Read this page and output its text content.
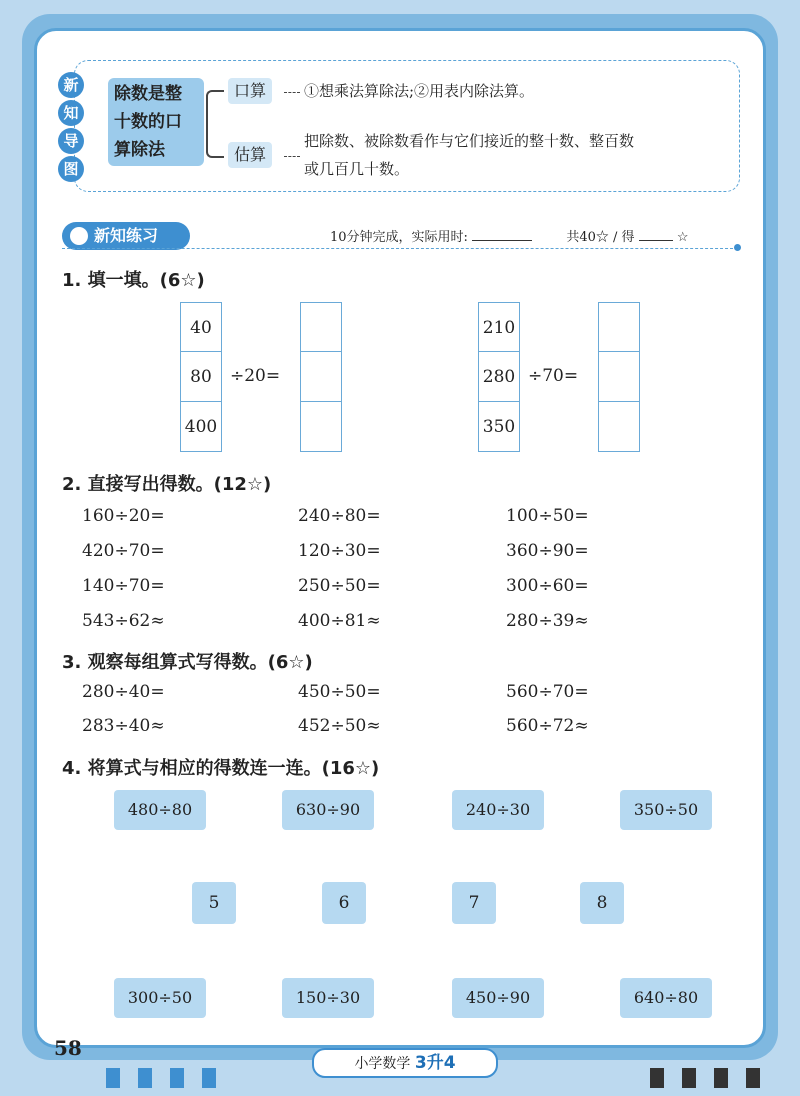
新
知
导
图
除数是整十数的口算除法
口算	①想乘法算除法;②用表内除法算。
估算
把除数、被除数看作与它们接近的整十数、整百数
或几百几十数。
新知练习	10分钟完成，实际用时:	共40☆ / 得	☆
1. 填一填。(6☆)
40
80
400
÷20=
210
280
350
÷70=
2. 直接写出得数。(12☆)
160÷20=	240÷80=	100÷50=
420÷70=	120÷30=	360÷90=
140÷70=	250÷50=	300÷60=
543÷62≈	400÷81≈	280÷39≈
3. 观察每组算式写得数。(6☆)
280÷40=	450÷50=	560÷70=
283÷40≈	452÷50≈	560÷72≈
4. 将算式与相应的得数连一连。(16☆)
480÷80	630÷90	240÷30	350÷50
5	6	7	8
300÷50	150÷30	450÷90	640÷80
58
小学数学 3升4
